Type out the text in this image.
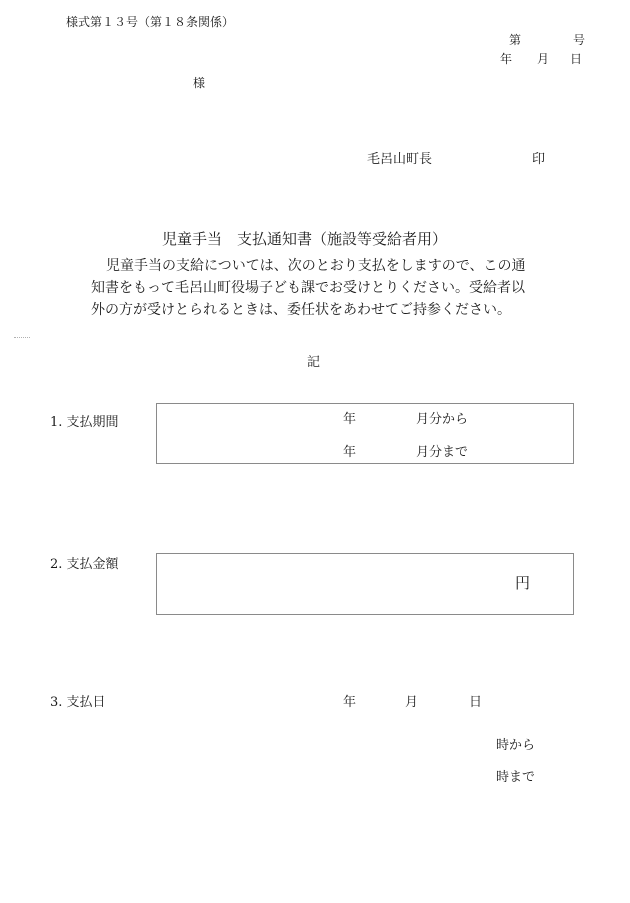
様式第１３号（第１８条関係）
第	号
年 月 日
様
毛呂山町長	印
児童手当　支払通知書（施設等受給者用）
児童手当の支給については、次のとおり支払をしますので、この通
知書をもって毛呂山町役場子ども課でお受けとりください。受給者以
外の方が受けとられるときは、委任状をあわせてご持参ください。
記
1. 支払期間	年	月分から
年	月分まで
2. 支払金額
円
3. 支払日	年	月	日
時から
時まで
